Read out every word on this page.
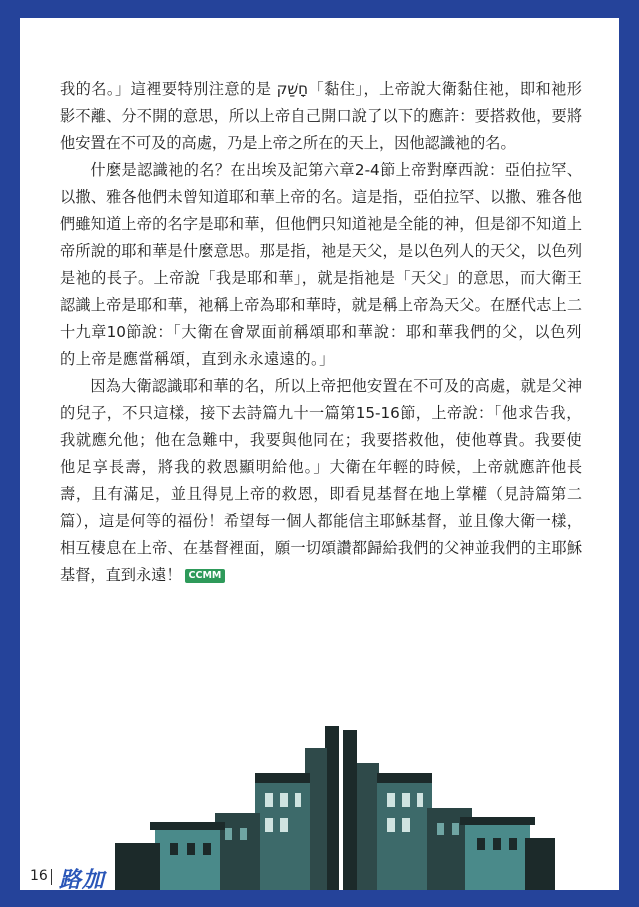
我的名。」這裡要特別注意的是 חָשַׁק「黏住」，上帝說大衛黏住祂，即和祂形影不離、分不開的意思，所以上帝自己開口說了以下的應許：要搭救他，要將他安置在不可及的高處，乃是上帝之所在的天上，因他認識祂的名。

什麼是認識祂的名？在出埃及記第六章2-4節上帝對摩西說：亞伯拉罕、以撒、雅各他們未曾知道耶和華上帝的名。這是指，亞伯拉罕、以撒、雅各他們雖知道上帝的名字是耶和華，但他們只知道祂是全能的神，但是卻不知道上帝所說的耶和華是什麼意思。那是指，祂是天父，是以色列人的天父，以色列是祂的長子。上帝說「我是耶和華」，就是指祂是「天父」的意思，而大衛王認識上帝是耶和華，祂稱上帝為耶和華時，就是稱上帝為天父。在歷代志上二十九章10節說：「大衛在會眾面前稱頌耶和華說：耶和華我們的父，以色列的上帝是應當稱頌，直到永永遠遠的。」

因為大衛認識耶和華的名，所以上帝把他安置在不可及的高處，就是父神的兒子，不只這樣，接下去詩篇九十一篇第15-16節，上帝說：「他求告我，我就應允他；他在急難中，我要與他同在；我要搭救他，使他尊貴。我要使他足享長壽，將我的救恩顯明給他。」大衛在年輕的時候，上帝就應許他長壽，且有滿足，並且得見上帝的救恩，即看見基督在地上掌權（見詩篇第二篇），這是何等的福份！希望每一個人都能信主耶穌基督，並且像大衛一樣，相互棲息在上帝、在基督裡面，願一切頌讚都歸給我們的父神並我們的主耶穌基督，直到永遠！ CCMM

16 路加
